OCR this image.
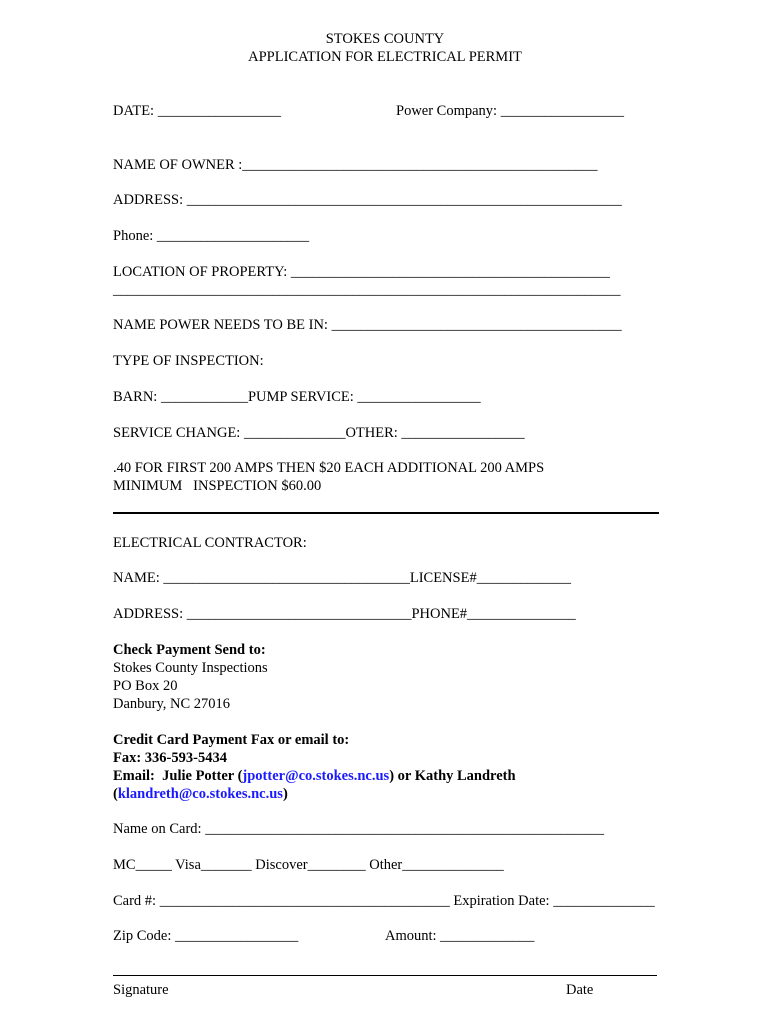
STOKES COUNTY
APPLICATION FOR ELECTRICAL PERMIT
DATE: _________________	Power Company: _________________
NAME OF OWNER :_________________________________________________
ADDRESS: ____________________________________________________________
Phone: _____________________
LOCATION OF PROPERTY: ____________________________________________
______________________________________________________________________
NAME POWER NEEDS TO BE IN: ________________________________________
TYPE OF INSPECTION:
BARN: ____________PUMP SERVICE: _________________
SERVICE CHANGE: ______________OTHER: _________________
.40 FOR FIRST 200 AMPS THEN $20 EACH ADDITIONAL 200 AMPS
MINIMUM   INSPECTION $60.00
ELECTRICAL CONTRACTOR:
NAME: __________________________________LICENSE#_____________
ADDRESS: _______________________________PHONE#_______________
Check Payment Send to:
Stokes County Inspections
PO Box 20
Danbury, NC 27016
Credit Card Payment Fax or email to:
Fax: 336-593-5434
Email:  Julie Potter (jpotter@co.stokes.nc.us) or Kathy Landreth
(klandreth@co.stokes.nc.us)
Name on Card: _______________________________________________________
MC_____ Visa_______ Discover________ Other______________
Card #: ________________________________________ Expiration Date: ______________
Zip Code: _________________	Amount: _____________
Signature	Date
